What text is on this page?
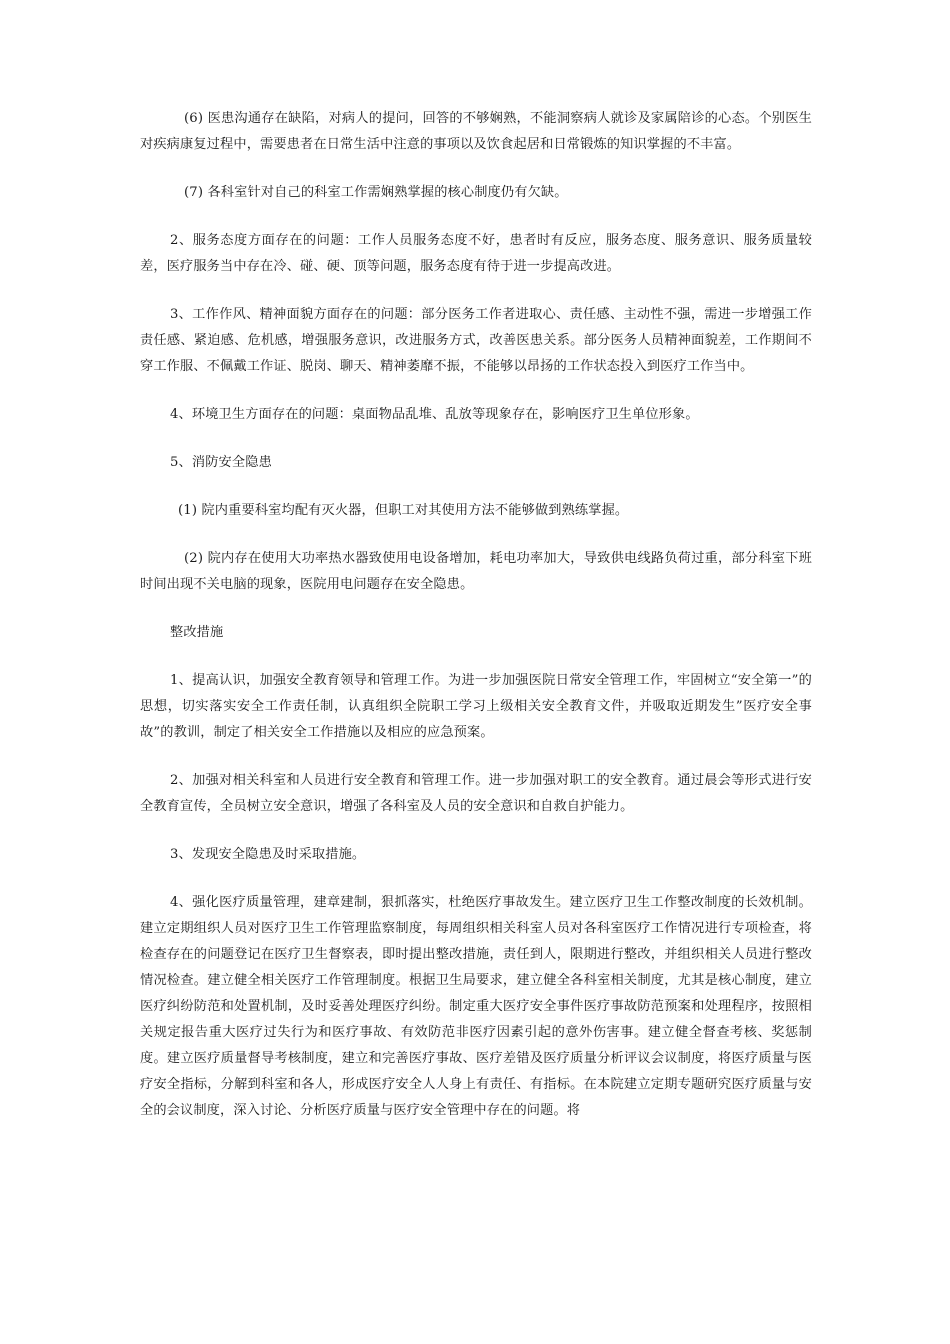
(6) 医患沟通存在缺陷，对病人的提问，回答的不够娴熟，不能洞察病人就诊及家属陪诊的心态。个别医生对疾病康复过程中，需要患者在日常生活中注意的事项以及饮食起居和日常锻炼的知识掌握的不丰富。

(7) 各科室针对自己的科室工作需娴熟掌握的核心制度仍有欠缺。

2、服务态度方面存在的问题：工作人员服务态度不好，患者时有反应，服务态度、服务意识、服务质量较差，医疗服务当中存在冷、碰、硬、顶等问题，服务态度有待于进一步提高改进。

3、工作作风、精神面貌方面存在的问题：部分医务工作者进取心、责任感、主动性不强，需进一步增强工作责任感、紧迫感、危机感，增强服务意识，改进服务方式，改善医患关系。部分医务人员精神面貌差，工作期间不穿工作服、不佩戴工作证、脱岗、聊天、精神萎靡不振，不能够以昂扬的工作状态投入到医疗工作当中。

4、环境卫生方面存在的问题：桌面物品乱堆、乱放等现象存在，影响医疗卫生单位形象。

5、消防安全隐患

(1) 院内重要科室均配有灭火器，但职工对其使用方法不能够做到熟练掌握。

(2) 院内存在使用大功率热水器致使用电设备增加，耗电功率加大，导致供电线路负荷过重，部分科室下班时间出现不关电脑的现象，医院用电问题存在安全隐患。

整改措施

1、提高认识，加强安全教育领导和管理工作。为进一步加强医院日常安全管理工作，牢固树立“安全第一”的思想，切实落实安全工作责任制，认真组织全院职工学习上级相关安全教育文件，并吸取近期发生”医疗安全事故”的教训，制定了相关安全工作措施以及相应的应急预案。

2、加强对相关科室和人员进行安全教育和管理工作。进一步加强对职工的安全教育。通过晨会等形式进行安全教育宣传，全员树立安全意识，增强了各科室及人员的安全意识和自救自护能力。

3、发现安全隐患及时采取措施。

4、强化医疗质量管理，建章建制，狠抓落实，杜绝医疗事故发生。建立医疗卫生工作整改制度的长效机制。建立定期组织人员对医疗卫生工作管理监察制度，每周组织相关科室人员对各科室医疗工作情况进行专项检查，将检查存在的问题登记在医疗卫生督察表，即时提出整改措施，责任到人，限期进行整改，并组织相关人员进行整改情况检查。建立健全相关医疗工作管理制度。根据卫生局要求，建立健全各科室相关制度，尤其是核心制度，建立医疗纠纷防范和处置机制，及时妥善处理医疗纠纷。制定重大医疗安全事件医疗事故防范预案和处理程序，按照相关规定报告重大医疗过失行为和医疗事故、有效防范非医疗因素引起的意外伤害事。建立健全督查考核、奖惩制度。建立医疗质量督导考核制度，建立和完善医疗事故、医疗差错及医疗质量分析评议会议制度，将医疗质量与医疗安全指标，分解到科室和各人，形成医疗安全人人身上有责任、有指标。在本院建立定期专题研究医疗质量与安全的会议制度，深入讨论、分析医疗质量与医疗安全管理中存在的问题。将
